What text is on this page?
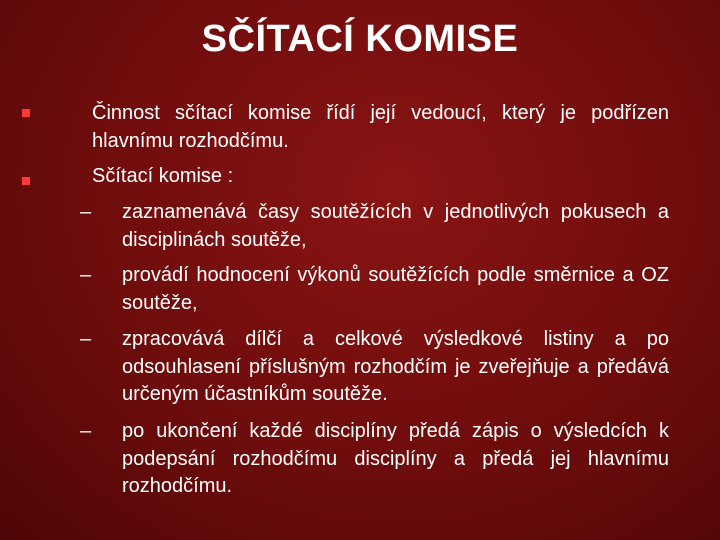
SČÍTACÍ KOMISE
Činnost sčítací komise řídí její vedoucí, který je podřízen hlavnímu rozhodčímu.
Sčítací komise :
– zaznamenává časy soutěžících v jednotlivých pokusech a disciplinách soutěže,
– provádí hodnocení výkonů soutěžících podle směrnice a OZ soutěže,
– zpracovává dílčí a celkové výsledkové listiny a po odsouhlasení příslušným rozhodčím je zveřejňuje a předává určeným účastníkům soutěže.
– po ukončení každé disciplíny předá zápis o výsledcích k podepsání rozhodčímu disciplíny a předá jej hlavnímu rozhodčímu.
